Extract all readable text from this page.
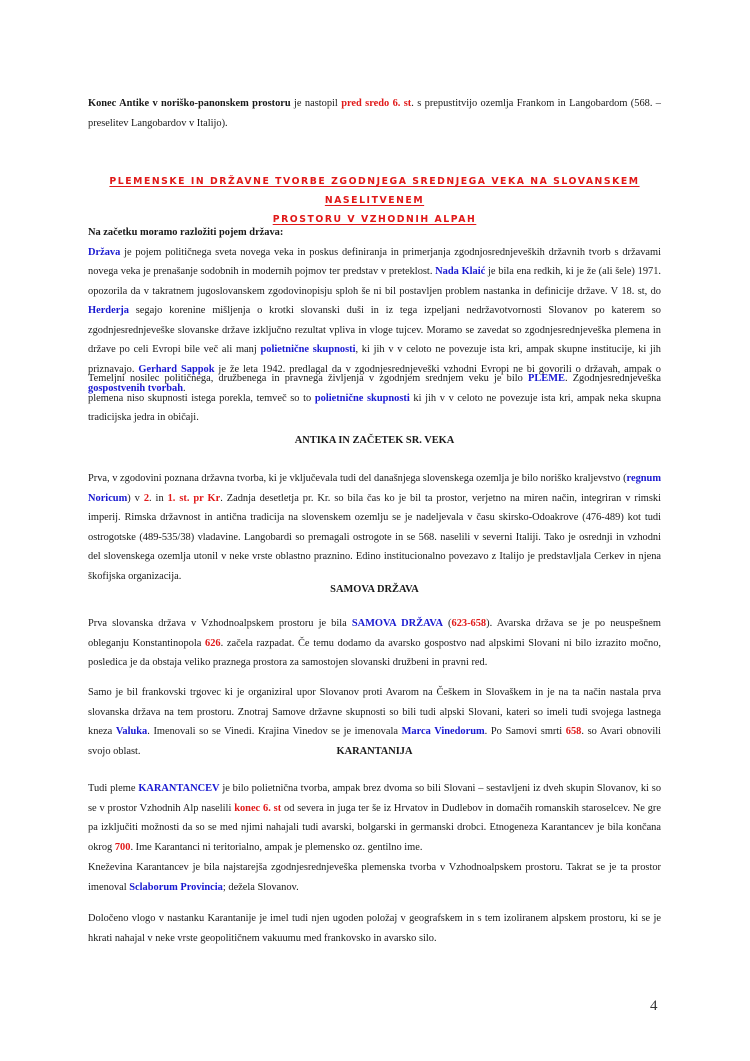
Konec Antike v noriško-panonskem prostoru je nastopil pred sredo 6. st. s prepustitvijo ozemlja Frankom in Langobardom (568. – preselitev Langobardov v Italijo).

PLEMENSKE IN DRŽAVNE TVORBE ZGODNJEGA SREDNJEGA VEKA NA SLOVANSKEM NASELITVENEM
PROSTORU V VZHODNIH ALPAH

Na začetku moramo razložiti pojem država:
Država je pojem političnega sveta novega veka in poskus definiranja in primerjanja zgodnjosrednjeveških državnih tvorb s državami novega veka je prenašanje sodobnih in modernih pojmov ter predstav v preteklost. Nada Klaić je bila ena redkih, ki je že (ali šele) 1971. opozorila da v takratnem jugoslovanskem zgodovinopisju sploh še ni bil postavljen problem nastanka in definicije države. V 18. st, do Herderja segajo korenine mišljenja o krotki slovanski duši in iz tega izpeljani nedržavotvornosti Slovanov po katerem so zgodnjesrednjeveške slovanske države izključno rezultat vpliva in vloge tujcev. Moramo se zavedat so zgodnjesrednjeveška plemena in države po celi Evropi bile več ali manj polietnične skupnosti, ki jih v v celoto ne povezuje ista kri, ampak skupne institucije, ki jih priznavajo. Gerhard Sappok je že leta 1942. predlagal da v zgodnjesrednjeveški vzhodni Evropi ne bi govorili o državah, ampak o gospostvenih tvorbah.

Temeljni nosilec političnega, družbenega in pravnega življenja v zgodnjem srednjem veku je bilo PLEME. Zgodnjesrednjeveška plemena niso skupnosti istega porekla, temveč so to polietnične skupnosti ki jih v v celoto ne povezuje ista kri, ampak neka skupna tradicijska jedra in običaji.

ANTIKA IN ZAČETEK SR. VEKA

Prva, v zgodovini poznana državna tvorba, ki je vključevala tudi del današnjega slovenskega ozemlja je bilo noriško kraljevstvo (regnum Noricum) v 2. in 1. st. pr Kr. Zadnja desetletja pr. Kr. so bila čas ko je bil ta prostor, verjetno na miren način, integriran v rimski imperij. Rimska državnost in antična tradicija na slovenskem ozemlju se je nadeljevala v času skirsko-Odoakrove (476-489) kot tudi ostrogotske (489-535/38) vladavine. Langobardi so premagali ostrogote in se 568. naselili v severni Italiji. Tako je osrednji in vzhodni del slovenskega ozemlja utonil v neke vrste oblastno praznino. Edino institucionalno povezavo z Italijo je predstavljala Cerkev in njena škofijska organizacija.

SAMOVA DRŽAVA

Prva slovanska država v Vzhodnoalpskem prostoru je bila SAMOVA DRŽAVA (623-658). Avarska država se je po neuspešnem obleganju Konstantinopola 626. začela razpadat. Če temu dodamo da avarsko gospostvo nad alpskimi Slovani ni bilo izrazito močno, posledica je da obstaja veliko praznega prostora za samostojen slovanski družbeni in pravni red.

Samo je bil frankovski trgovec ki je organiziral upor Slovanov proti Avarom na Češkem in Slovaškem in je na ta način nastala prva slovanska država na tem prostoru. Znotraj Samove državne skupnosti so bili tudi alpski Slovani, kateri so imeli tudi svojega lastnega kneza Valuka. Imenovali so se Vinedi. Krajina Vinedov se je imenovala Marca Vinedorum. Po Samovi smrti 658. so Avari obnovili svojo oblast.	KARANTANIJA

Tudi pleme KARANTANCEV je bilo polietnična tvorba, ampak brez dvoma so bili Slovani – sestavljeni iz dveh skupin Slovanov, ki so se v prostor Vzhodnih Alp naselili konec 6. st od severa in juga ter še iz Hrvatov in Dudlebov in domačih romanskih staroselcev. Ne gre pa izključiti možnosti da so se med njimi nahajali tudi avarski, bolgarski in germanski drobci. Etnogeneza Karantancev je bila končana okrog 700. Ime Karantanci ni teritorialno, ampak je plemensko oz. gentilno ime.

Kneževina Karantancev je bila najstarejša zgodnjesrednjeveška plemenska tvorba v Vzhodnoalpskem prostoru. Takrat se je ta prostor imenoval Sclaborum Provincia; dežela Slovanov.

Določeno vlogo v nastanku Karantanije je imel tudi njen ugoden položaj v geografskem in s tem izoliranem alpskem prostoru, ki se je hkrati nahajal v neke vrste geopolitičnem vakuumu med frankovsko in avarsko silo.

4
